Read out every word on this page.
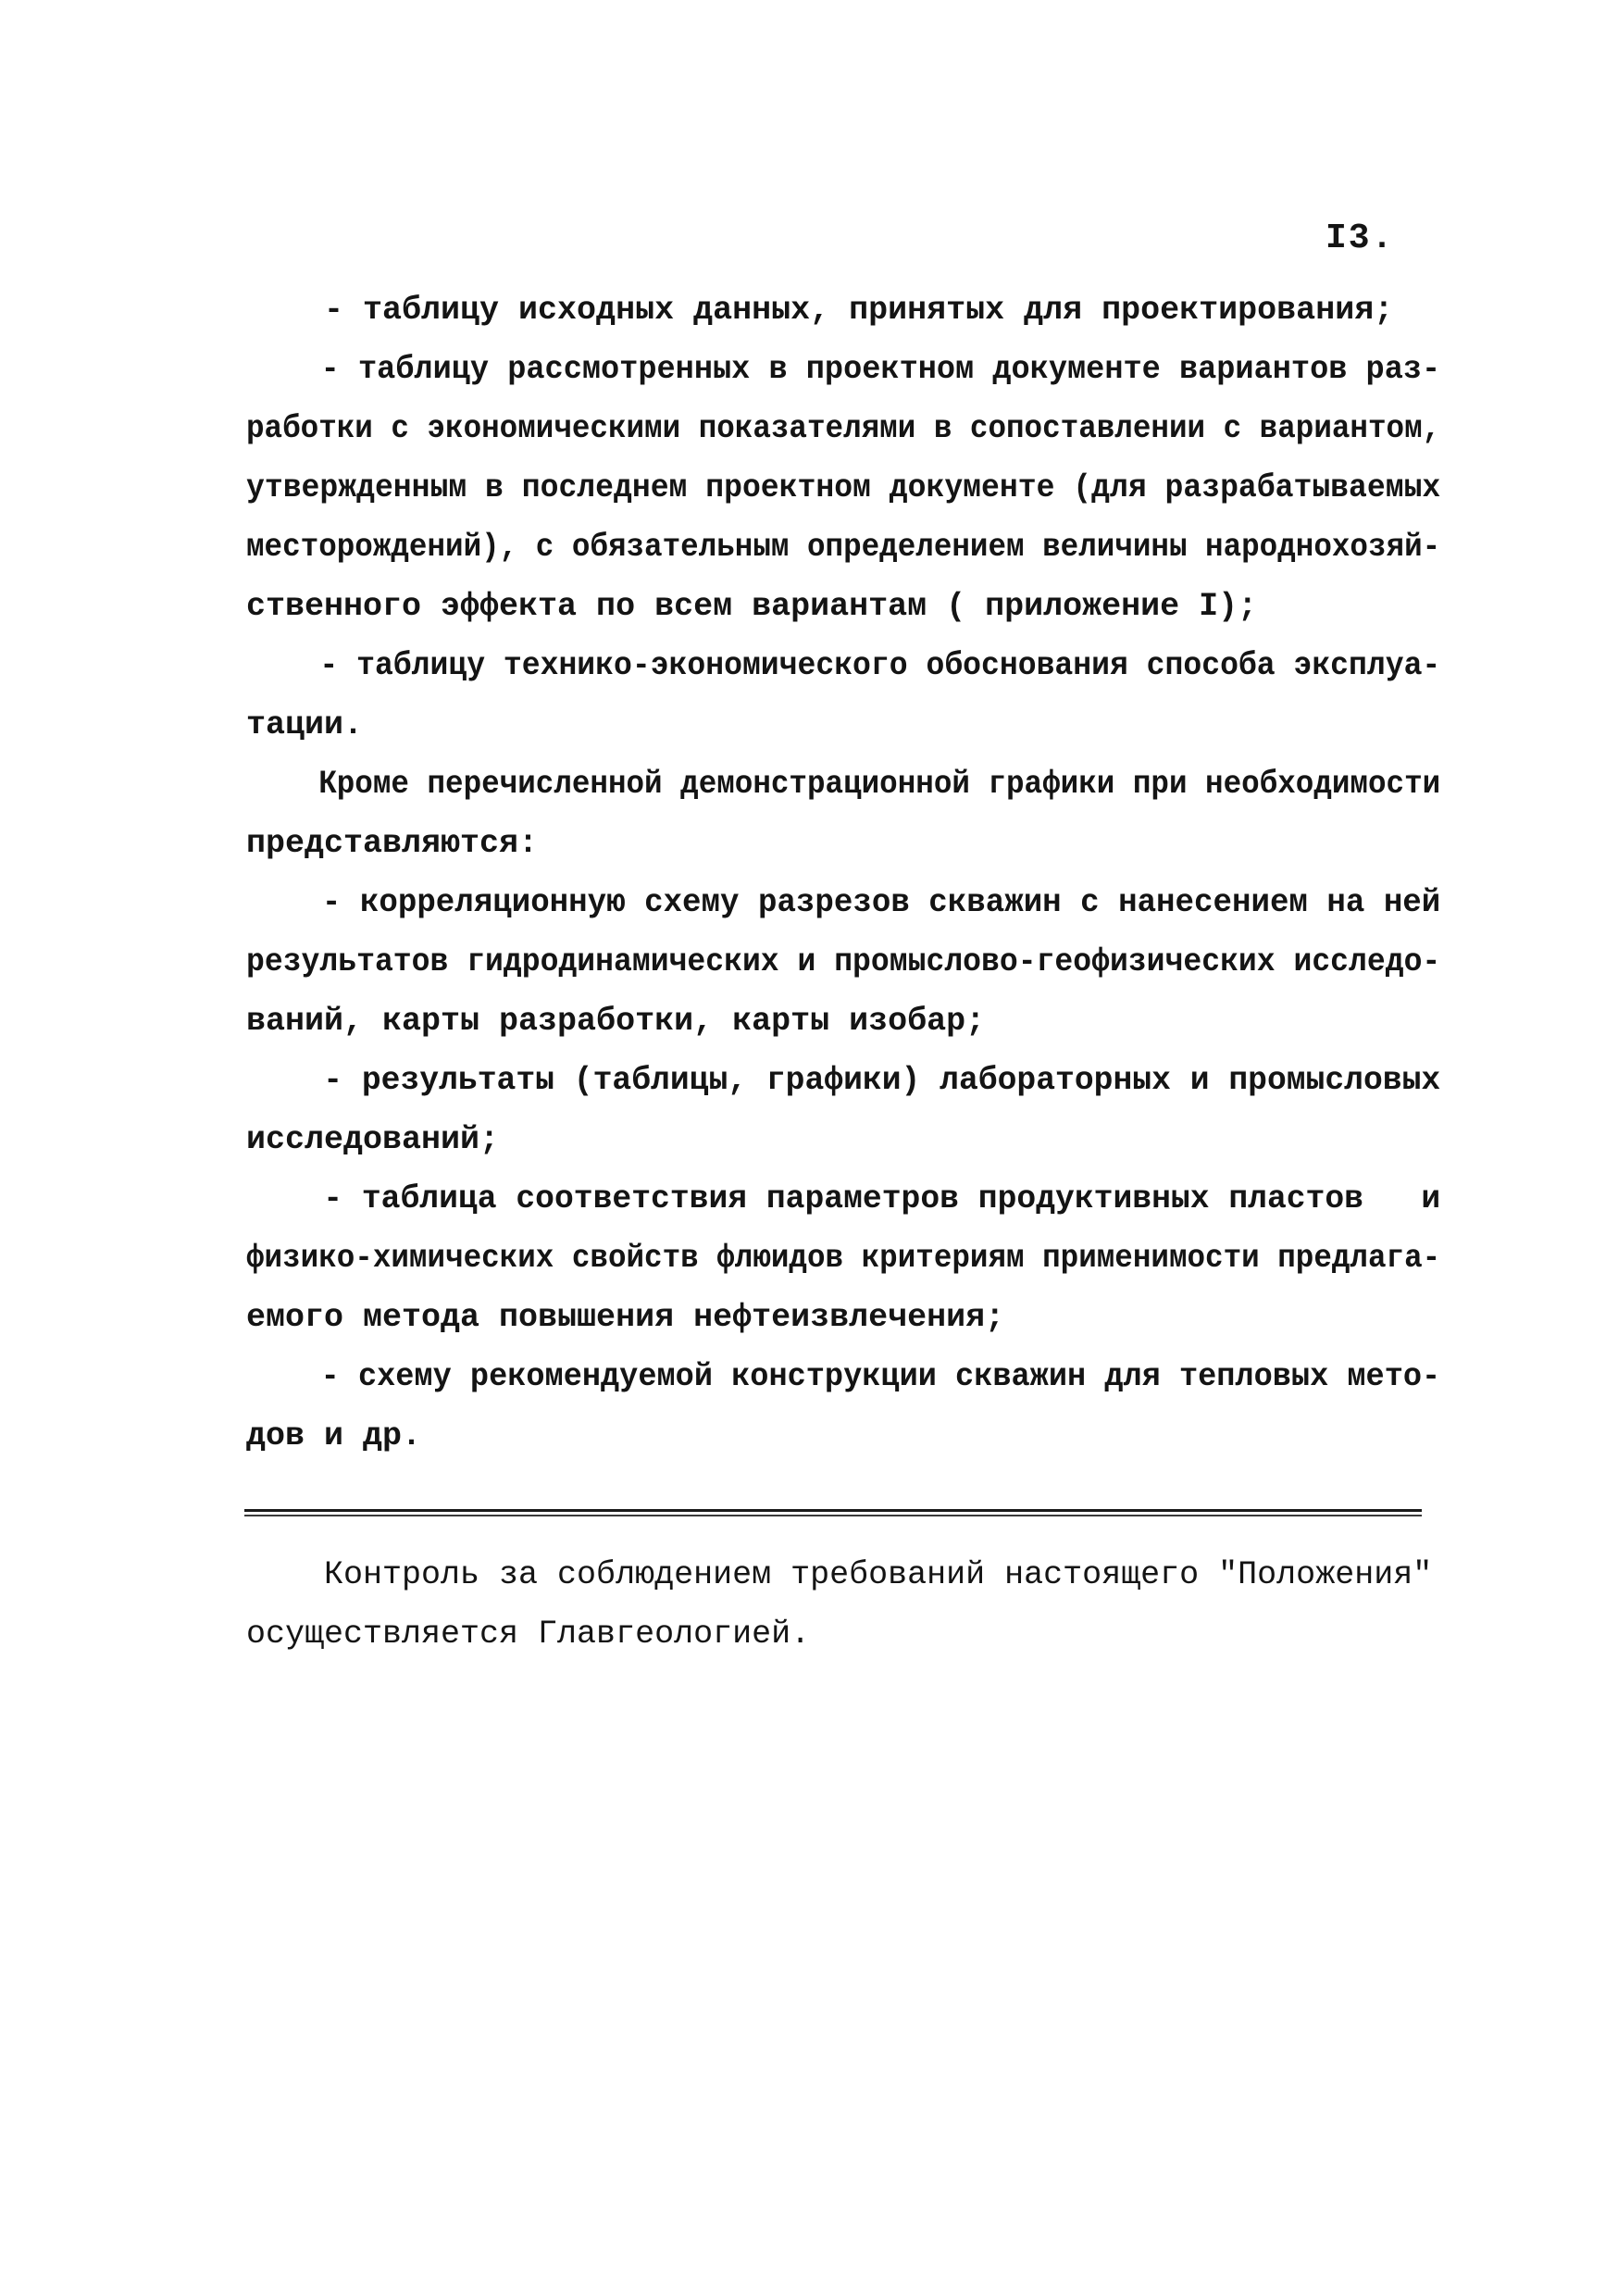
I3.
- таблицу исходных данных, принятых для проектирования;
- таблицу рассмотренных в проектном документе вариантов раз-
работки с экономическими показателями в сопоставлении с вариантом,
утвержденным в последнем проектном документе (для разрабатываемых
месторождений), с обязательным определением величины народнохозяй-
ственного эффекта по всем вариантам ( приложение I);
- таблицу технико-экономического обоснования способа эксплуа-
тации.
Кроме перечисленной демонстрационной графики при необходимости
представляются:
- корреляционную схему разрезов скважин с нанесением на ней
результатов гидродинамических и промыслово-геофизических исследо-
ваний, карты разработки, карты изобар;
- результаты (таблицы, графики) лабораторных и промысловых
исследований;
- таблица соответствия параметров продуктивных пластов   и
физико-химических свойств флюидов критериям применимости предлага-
емого метода повышения нефтеизвлечения;
- схему рекомендуемой конструкции скважин для тепловых мето-
дов и др.
Контроль за соблюдением требований настоящего "Положения"
осуществляется Главгеологией.
